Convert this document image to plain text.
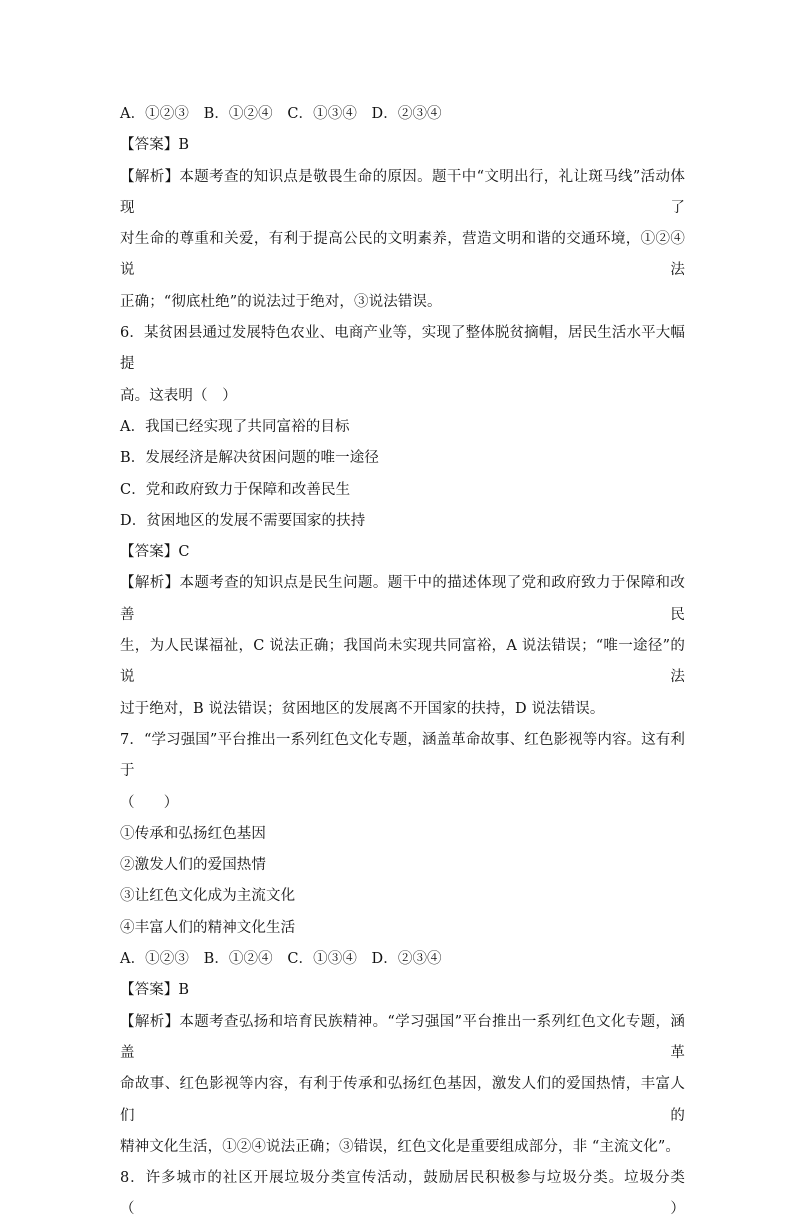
A．①②③　B．①②④　C．①③④　D．②③④
【答案】B
【解析】本题考查的知识点是敬畏生命的原因。题干中“文明出行，礼让斑马线”活动体现了
对生命的尊重和关爱，有利于提高公民的文明素养，营造文明和谐的交通环境，①②④说法
正确；“彻底杜绝”的说法过于绝对，③说法错误。
6．某贫困县通过发展特色农业、电商产业等，实现了整体脱贫摘帽，居民生活水平大幅提
高。这表明（　）
A．我国已经实现了共同富裕的目标
B．发展经济是解决贫困问题的唯一途径
C．党和政府致力于保障和改善民生
D．贫困地区的发展不需要国家的扶持
【答案】C
【解析】本题考查的知识点是民生问题。题干中的描述体现了党和政府致力于保障和改善民
生，为人民谋福祉，C 说法正确；我国尚未实现共同富裕，A 说法错误；“唯一途径”的说法
过于绝对，B 说法错误；贫困地区的发展离不开国家的扶持，D 说法错误。
7．“学习强国”平台推出一系列红色文化专题，涵盖革命故事、红色影视等内容。这有利于
（　　）
①传承和弘扬红色基因
②激发人们的爱国热情
③让红色文化成为主流文化
④丰富人们的精神文化生活
A．①②③　B．①②④　C．①③④　D．②③④
【答案】B
【解析】本题考查弘扬和培育民族精神。“学习强国”平台推出一系列红色文化专题，涵盖革
命故事、红色影视等内容，有利于传承和弘扬红色基因，激发人们的爱国热情，丰富人们的
精神文化生活，①②④说法正确；③错误，红色文化是重要组成部分，非 “主流文化”。
8．许多城市的社区开展垃圾分类宣传活动，鼓励居民积极参与垃圾分类。垃圾分类（　　）
